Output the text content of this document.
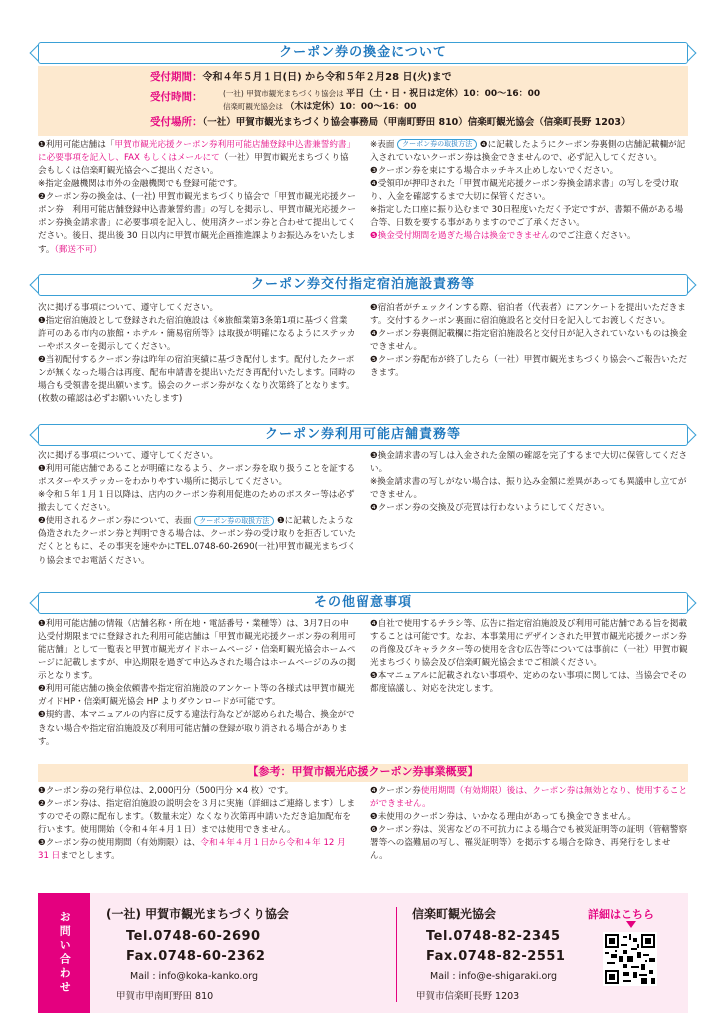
クーポン券の換金について
受付期間：令和４年５月１日(日) から令和５年２月28 日(火)まで
受付時間：	(一社) 甲賀市観光まちづくり協会は 平日（土・日・祝日は定休）10：00～16：00
信楽町観光協会は （木は定休）10：00～16：00
受付場所：（一社）甲賀市観光まちづくり協会事務局（甲南町野田 810）信楽町観光協会（信楽町長野 1203）

❶利用可能店舗は「甲賀市観光応援クーポン券利用可能店舗登録申込書兼誓約書」に必要事項を記入し、FAX もしくはメールにて（一社）甲賀市観光まちづくり協会もしくは信楽町観光協会へご提出ください。

※指定金融機関は市外の金融機関でも登録可能です。

❷クーポン券の換金は、(一社) 甲賀市観光まちづくり協会で「甲賀市観光応援クーポン券　利用可能店舗登録申込書兼誓約書」の写しを掲示し、甲賀市観光応援クーポン券換金請求書」に必要事項を記入し、使用済クーポン券と合わせて提出してください。後日、提出後 30 日以内に甲賀市観光企画推進課よりお振込みをいたします。（郵送不可）

※表面 クーポン券の取扱方法 ❹に記載したようにクーポン券裏側の店舗記載欄が記入されていないクーポン券は換金できませんので、必ず記入してください。

❸クーポン券を束にする場合ホッチキス止めしないでください。

❹受領印が押印された「甲賀市観光応援クーポン券換金請求書」の写しを受け取り、入金を確認するまで大切に保管ください。

※指定した口座に振り込むまで 30日程度いただく予定ですが、書類不備がある場合等、日数を要する事がありますのでご了承ください。

❺換金受付期間を過ぎた場合は換金できませんのでご注意ください。

クーポン券交付指定宿泊施設責務等

次に掲げる事項について、遵守してください。

❶指定宿泊施設として登録された宿泊施設は《※旅館業第3条第1項に基づく営業許可のある市内の旅館・ホテル・簡易宿所等》は取扱が明確になるようにステッカーやポスターを掲示してください。

❷当初配付するクーポン券は昨年の宿泊実績に基づき配付します。配付したクーポンが無くなった場合は再度、配布申請書を提出いただき再配付いたします。同時の場合も受領書を提出願います。協会のクーポン券がなくなり次第終了となります。(枚数の確認は必ずお願いいたします)

❸宿泊者がチェックインする際、宿泊者（代表者）にアンケートを提出いただきます。交付するクーポン裏面に宿泊施設名と交付日を記入してお渡しください。

❹クーポン券裏側記載欄に指定宿泊施設名と交付日が記入されていないものは換金できません。

❺クーポン券配布が終了したら（一社）甲賀市観光まちづくり協会へご報告いただきます。

クーポン券利用可能店舗責務等

次に掲げる事項について、遵守してください。

❶利用可能店舗であることが明確になるよう、クーポン券を取り扱うことを証するポスターやステッカーをわかりやすい場所に掲示してください。

※令和５年１月１日以降は、店内のクーポン券利用促進のためのポスター等は必ず撤去してください。

❷使用されるクーポン券について、表面 クーポン券の取扱方法 ❶に記載したような偽造されたクーポン券と判明できる場合は、クーポン券の受け取りを拒否していただくとともに、その事実を速やかにTEL.0748-60-2690(一社)甲賀市観光まちづくり協会までお電話ください。

❸換金請求書の写しは入金された金額の確認を完了するまで大切に保管してください。

※換金請求書の写しがない場合は、振り込み金額に差異があっても異議申し立てができません。

❹クーポン券の交換及び売買は行わないようにしてください。

その他留意事項

❶利用可能店舗の情報（店舗名称・所在地・電話番号・業種等）は、3月7日の申込受付期限までに登録された利用可能店舗は「甲賀市観光応援クーポン券の利用可能店舗」として一覧表と甲賀市観光ガイドホームページ・信楽町観光協会ホームページに記載しますが、申込期限を過ぎて申込みされた場合はホームページのみの掲示となります。

❷利用可能店舗の換金依頼書や指定宿泊施設のアンケート等の各様式は甲賀市観光ガイドHP・信楽町観光協会 HP よりダウンロードが可能です。

❸規約書、本マニュアルの内容に反する違法行為などが認められた場合、換金ができない場合や指定宿泊施設及び利用可能店舗の登録が取り消される場合があります。

❹自社で使用するチラシ等、広告に指定宿泊施設及び利用可能店舗である旨を掲載することは可能です。なお、本事業用にデザインされた甲賀市観光応援クーポン券の肖像及びキャラクター等の使用を含む広告等については事前に（一社）甲賀市観光まちづくり協会及び信楽町観光協会までご相談ください。

❺本マニュアルに記載されない事項や、定めのない事項に関しては、当協会でその都度協議し、対応を決定します。

【参考：甲賀市観光応援クーポン券事業概要】

❶クーポン券の発行単位は、2,000円分（500円分 ×4 枚）です。

❷クーポン券は、指定宿泊施設の説明会を３月に実施（詳細はご連絡します）しますのでその際に配布します。（数量未定）なくなり次第再申請いただき追加配布を行います。使用開始（令和４年４月１日）までは使用できません。

❸クーポン券の使用期間（有効期限）は、令和４年４月１日から令和４年 12 月 31 日までとします。

❹クーポン券使用期間（有効期限）後は、クーポン券は無効となり、使用することができません。

❺未使用のクーポン券は、いかなる理由があっても換金できません。

❻クーポン券は、災害などの不可抗力による場合でも被災証明等の証明（管轄警察署等への盗難届の写し、罹災証明等）を掲示する場合を除き、再発行をしません。

お問い合わせ	(一社) 甲賀市観光まちづくり協会
Tel.0748-60-2690
Fax.0748-60-2362
Mail : info@koka-kanko.org
甲賀市甲南町野田 810
信楽町観光協会
Tel.0748-82-2345
Fax.0748-82-2551
Mail : info@e-shigaraki.org
甲賀市信楽町長野 1203
詳細はこちら
